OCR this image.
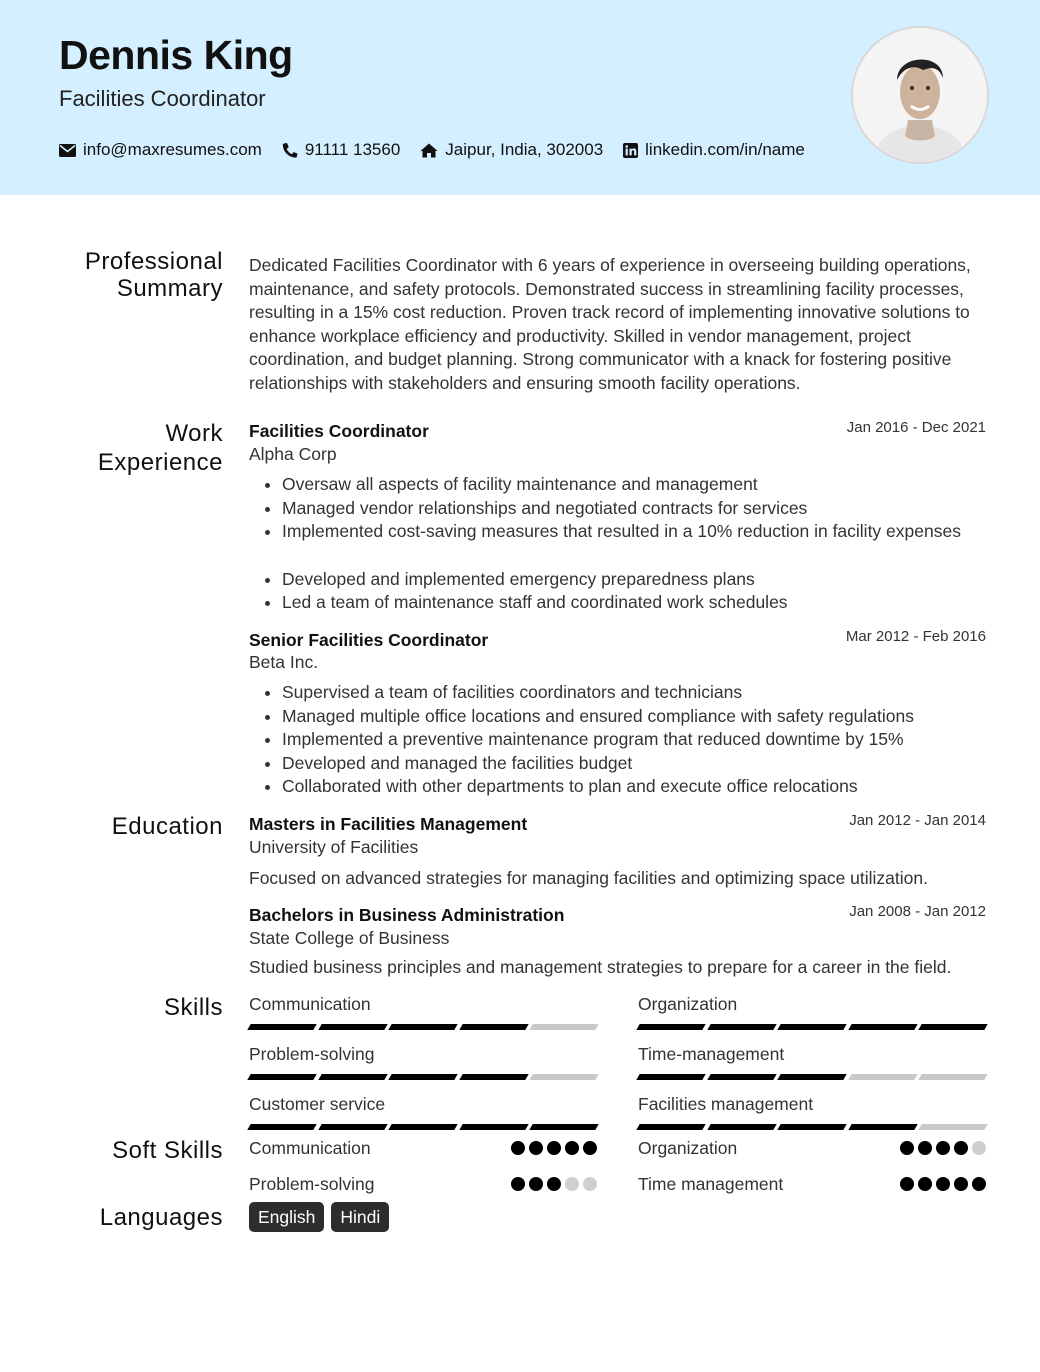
Dennis King
Facilities Coordinator
info@maxresumes.com	91111 13560	Jaipur, India, 302003 linkedin.com/in/name
Professional
Summary

Dedicated Facilities Coordinator with 6 years of experience in overseeing building operations, maintenance, and safety protocols. Demonstrated success in streamlining facility processes, resulting in a 15% cost reduction. Proven track record of implementing innovative solutions to enhance workplace efficiency and productivity. Skilled in vendor management, project coordination, and budget planning. Strong communicator with a knack for fostering positive relationships with stakeholders and ensuring smooth facility operations.

Work
Experience
Facilities Coordinator	Jan 2016 - Dec 2021
Alpha Corp
• Oversaw all aspects of facility maintenance and management
• Managed vendor relationships and negotiated contracts for services
• Implemented cost-saving measures that resulted in a 10% reduction in facility expenses
• Developed and implemented emergency preparedness plans
• Led a team of maintenance staff and coordinated work schedules
Senior Facilities Coordinator	Mar 2012 - Feb 2016
Beta Inc.
• Supervised a team of facilities coordinators and technicians
• Managed multiple office locations and ensured compliance with safety regulations
• Implemented a preventive maintenance program that reduced downtime by 15%
• Developed and managed the facilities budget
• Collaborated with other departments to plan and execute office relocations
Education Masters in Facilities Management	Jan 2012 - Jan 2014
University of Facilities
Focused on advanced strategies for managing facilities and optimizing space utilization.
Bachelors in Business Administration	Jan 2008 - Jan 2012
State College of Business
Studied business principles and management strategies to prepare for a career in the field.
Skills Communication	Organization
Problem-solving	Time-management
Customer service	Facilities management
Soft Skills Communication	Organization
Problem-solving	Time management
Languages	English	Hindi
